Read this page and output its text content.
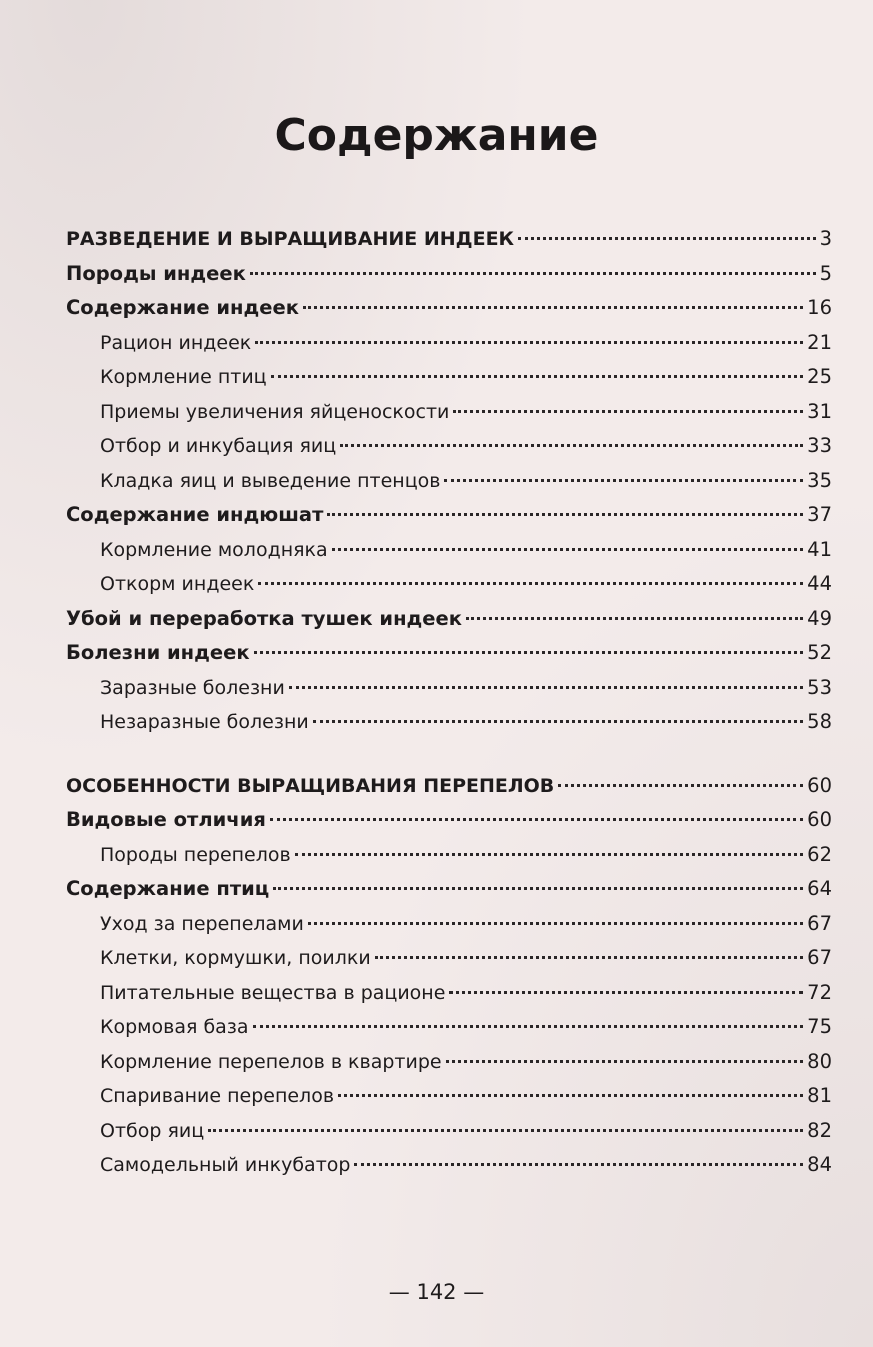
Содержание
РАЗВЕДЕНИЕ И ВЫРАЩИВАНИЕ ИНДЕЕК	3
Породы индеек	5
Содержание индеек	16
Рацион индеек	21
Кормление птиц	25
Приемы увеличения яйценоскости	31
Отбор и инкубация яиц	33
Кладка яиц и выведение птенцов	35
Содержание индюшат	37
Кормление молодняка	41
Откорм индеек	44
Убой и переработка тушек индеек	49
Болезни индеек	52
Заразные болезни	53
Незаразные болезни	58
ОСОБЕННОСТИ ВЫРАЩИВАНИЯ ПЕРЕПЕЛОВ	60
Видовые отличия	60
Породы перепелов	62
Содержание птиц	64
Уход за перепелами	67
Клетки, кормушки, поилки	67
Питательные вещества в рационе	72
Кормовая база	75
Кормление перепелов в квартире	80
Спаривание перепелов	81
Отбор яиц	82
Самодельный инкубатор	84
— 142 —
